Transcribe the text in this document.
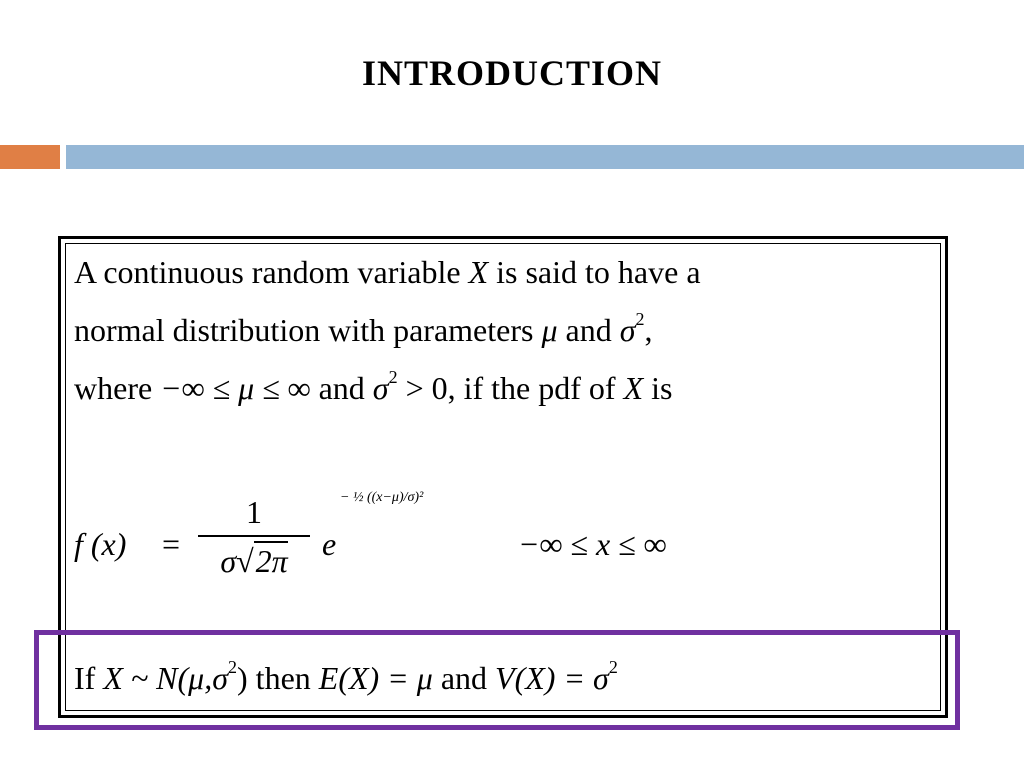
INTRODUCTION
A continuous random variable X is said to have a
normal distribution with parameters μ and $\sigma^2$,
where −∞ ≤ μ ≤ ∞ and $\sigma^2 > 0$, if the pdf of X is
f (x) =
1
σ√2π	e
− ½ ((x−μ)/σ)²
−∞ ≤ x ≤ ∞
If X ~ $N(\mu,\sigma^2)$ then E(X) = μ and $V(X) = \sigma^2$
